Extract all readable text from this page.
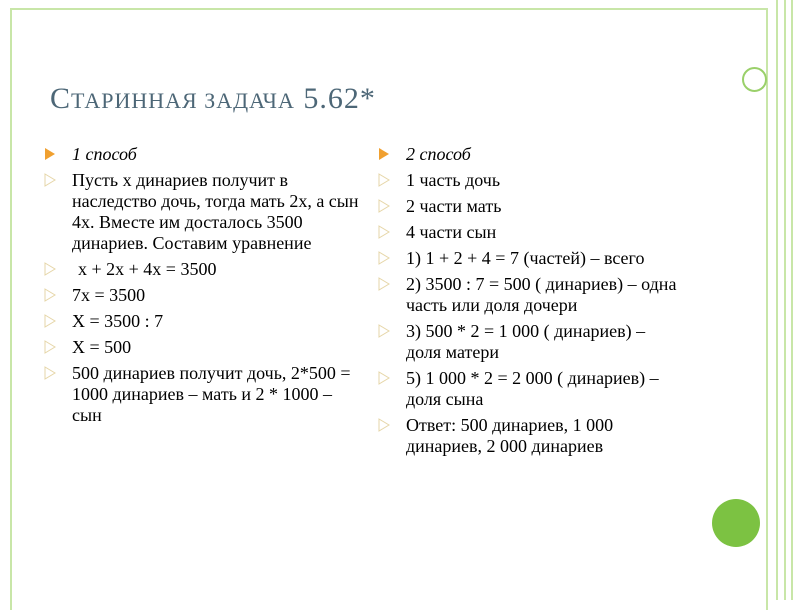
СТАРИННАЯ ЗАДАЧА 5.62*
1 способ
Пусть x динариев получит в наследство дочь, тогда мать 2x, а сын 4x. Вместе им досталось 3500 динариев. Составим уравнение
x + 2x + 4x = 3500
7x = 3500
X = 3500 : 7
X = 500
500 динариев получит дочь, 2*500 = 1000 динариев – мать и 2 * 1000 – сын
2 способ
1 часть дочь
2 части мать
4 части сын
1) 1 + 2 + 4 = 7 (частей) – всего
2) 3500 : 7 = 500 ( динариев) – одна часть или доля дочери
3) 500 * 2 = 1 000 ( динариев) –доля матери
5) 1 000 * 2 = 2 000 ( динариев) –доля сына
Ответ: 500 динариев, 1 000 динариев, 2 000 динариев
